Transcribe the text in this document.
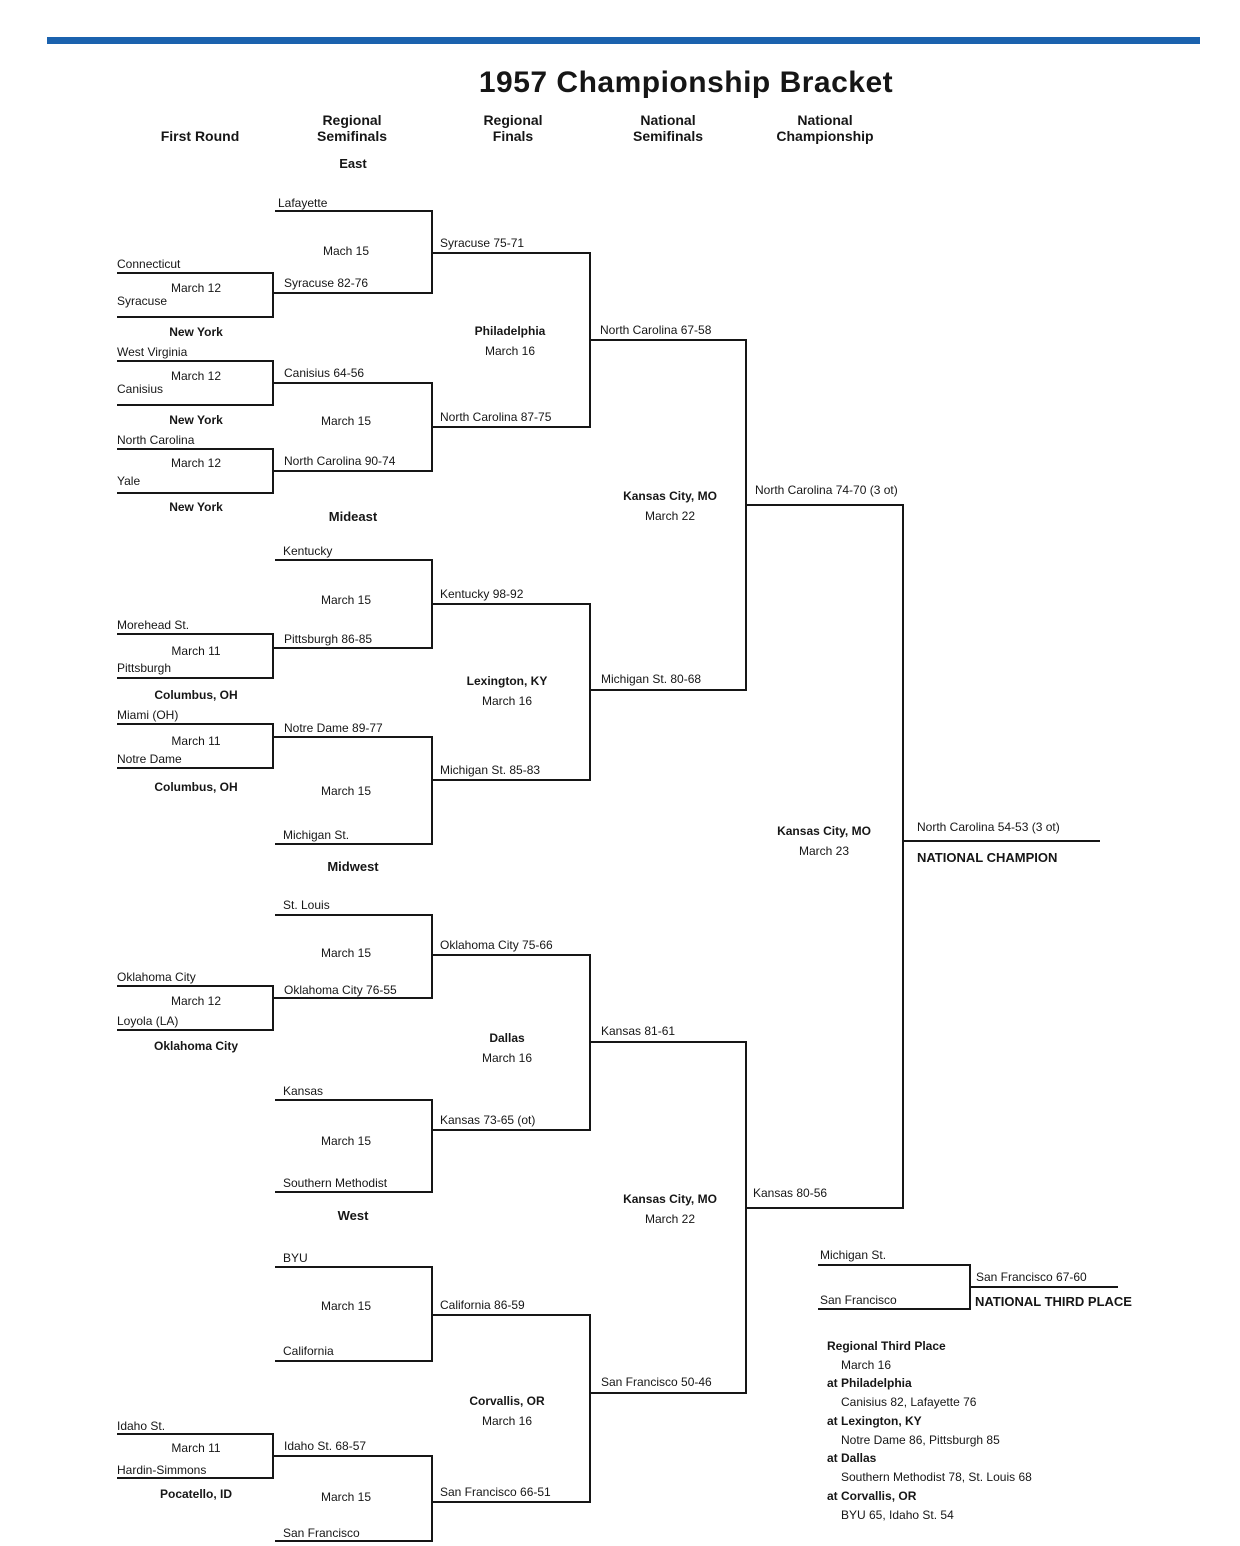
1957 Championship Bracket
First Round
Regional Semifinals
Regional Finals
National Semifinals
National Championship
East
Mideast
Midwest
West
Lafayette
Mach 15
Connecticut
March 12
Syracuse
New York
Syracuse 82-76
Syracuse 75-71
West Virginia
March 12
Canisius
New York
Canisius 64-56
March 15
North Carolina
March 12
Yale
New York
North Carolina 90-74
North Carolina 87-75
Philadelphia
March 16
North Carolina 67-58
Kentucky
March 15
Pittsburgh 86-85
Morehead St.
March 11
Pittsburgh
Columbus, OH
Kentucky 98-92
Miami (OH)
March 11
Notre Dame
Columbus, OH
Notre Dame 89-77
March 15
Michigan St.
Michigan St. 85-83
Lexington, KY
March 16
Michigan St. 80-68
St. Louis
March 15
Oklahoma City 76-55
Oklahoma City
March 12
Loyola (LA)
Oklahoma City
Oklahoma City 75-66
Kansas
March 15
Southern Methodist
Kansas 73-65 (ot)
Dallas
March 16
Kansas 81-61
BYU
March 15
California
California 86-59
Idaho St.
March 11
Hardin-Simmons
Pocatello, ID
Idaho St. 68-57
March 15
San Francisco
San Francisco 66-51
Corvallis, OR
March 16
San Francisco 50-46
Kansas City, MO
March 22
North Carolina 74-70 (3 ot)
Kansas City, MO
March 22
Kansas 80-56
Kansas City, MO
March 23
North Carolina 54-53 (3 ot)
NATIONAL CHAMPION
Michigan St.
San Francisco
San Francisco 67-60
NATIONAL THIRD PLACE
Regional Third Place
March 16
at Philadelphia
Canisius 82, Lafayette 76
at Lexington, KY
Notre Dame 86, Pittsburgh 85
at Dallas
Southern Methodist 78, St. Louis 68
at Corvallis, OR
BYU 65, Idaho St. 54
